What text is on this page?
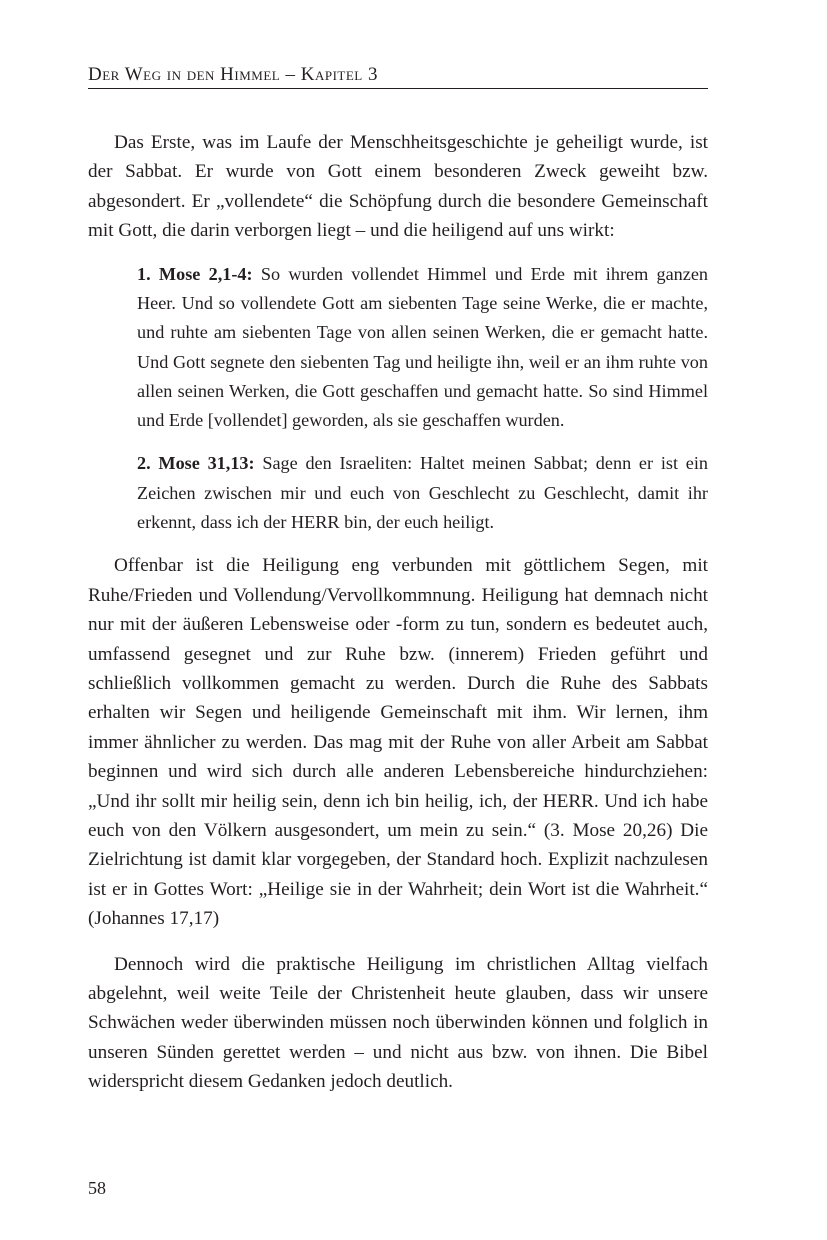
Der Weg in den Himmel – Kapitel 3

Das Erste, was im Laufe der Menschheitsgeschichte je geheiligt wurde, ist der Sabbat. Er wurde von Gott einem besonderen Zweck geweiht bzw. abgesondert. Er „vollendete“ die Schöpfung durch die besondere Gemeinschaft mit Gott, die darin verborgen liegt – und die heiligend auf uns wirkt:

1. Mose 2,1-4: So wurden vollendet Himmel und Erde mit ihrem ganzen Heer. Und so vollendete Gott am siebenten Tage seine Werke, die er machte, und ruhte am siebenten Tage von allen seinen Werken, die er gemacht hatte. Und Gott segnete den siebenten Tag und heiligte ihn, weil er an ihm ruhte von allen seinen Werken, die Gott geschaffen und gemacht hatte. So sind Himmel und Erde [vollendet] geworden, als sie geschaffen wurden.

2. Mose 31,13: Sage den Israeliten: Haltet meinen Sabbat; denn er ist ein Zeichen zwischen mir und euch von Geschlecht zu Geschlecht, damit ihr erkennt, dass ich der HERR bin, der euch heiligt.

Offenbar ist die Heiligung eng verbunden mit göttlichem Segen, mit Ruhe/Frieden und Vollendung/Vervollkommnung. Heiligung hat demnach nicht nur mit der äußeren Lebensweise oder -form zu tun, sondern es bedeutet auch, umfassend gesegnet und zur Ruhe bzw. (innerem) Frieden geführt und schließlich vollkommen gemacht zu werden. Durch die Ruhe des Sabbats erhalten wir Segen und heiligende Gemeinschaft mit ihm. Wir lernen, ihm immer ähnlicher zu werden. Das mag mit der Ruhe von aller Arbeit am Sabbat beginnen und wird sich durch alle anderen Lebensbereiche hindurchziehen: „Und ihr sollt mir heilig sein, denn ich bin heilig, ich, der HERR. Und ich habe euch von den Völkern ausgesondert, um mein zu sein.“ (3. Mose 20,26) Die Zielrichtung ist damit klar vorgegeben, der Standard hoch. Explizit nachzulesen ist er in Gottes Wort: „Heilige sie in der Wahrheit; dein Wort ist die Wahrheit.“ (Johannes 17,17)

Dennoch wird die praktische Heiligung im christlichen Alltag vielfach abgelehnt, weil weite Teile der Christenheit heute glauben, dass wir unsere Schwächen weder überwinden müssen noch überwinden können und folglich in unseren Sünden gerettet werden – und nicht aus bzw. von ihnen. Die Bibel widerspricht diesem Gedanken jedoch deutlich.

58
